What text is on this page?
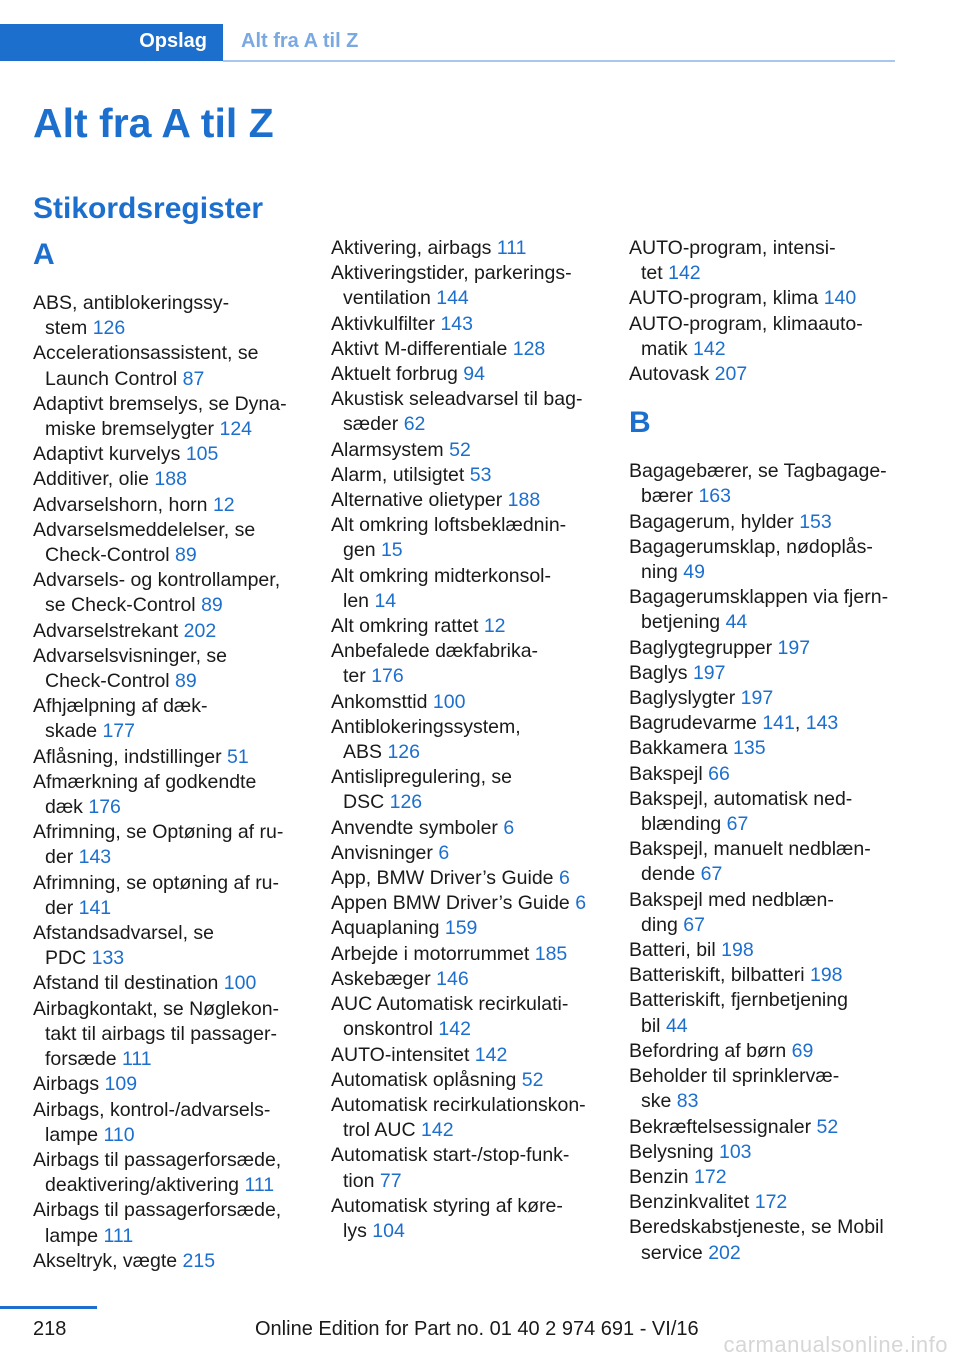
Opslag Alt fra A til Z
Alt fra A til Z
Stikordsregister
A
ABS, antiblokeringssy-
stem 126
Accelerationsassistent, se
Launch Control 87
Adaptivt bremselys, se Dyna-
miske bremselygter 124
Adaptivt kurvelys 105
Additiver, olie 188
Advarselshorn, horn 12
Advarselsmeddelelser, se
Check-Control 89
Advarsels- og kontrollamper,
se Check-Control 89
Advarselstrekant 202
Advarselsvisninger, se
Check-Control 89
Afhjælpning af dæk-
skade 177
Aflåsning, indstillinger 51
Afmærkning af godkendte
dæk 176
Afrimning, se Optøning af ru-
der 143
Afrimning, se optøning af ru-
der 141
Afstandsadvarsel, se
PDC 133
Afstand til destination 100
Airbagkontakt, se Nøglekon-
takt til airbags til passager-
forsæde 111
Airbags 109
Airbags, kontrol-/advarsels-
lampe 110
Airbags til passagerforsæde,
deaktivering/aktivering 111
Airbags til passagerforsæde,
lampe 111
Akseltryk, vægte 215
Aktivering, airbags 111
Aktiveringstider, parkerings-
ventilation 144
Aktivkulfilter 143
Aktivt M-differentiale 128
Aktuelt forbrug 94
Akustisk seleadvarsel til bag-
sæder 62
Alarmsystem 52
Alarm, utilsigtet 53
Alternative olietyper 188
Alt omkring loftsbeklædnin-
gen 15
Alt omkring midterkonsol-
len 14
Alt omkring rattet 12
Anbefalede dækfabrika-
ter 176
Ankomsttid 100
Antiblokeringssystem,
ABS 126
Antislipregulering, se
DSC 126
Anvendte symboler 6
Anvisninger 6
App, BMW Driver’s Guide 6
Appen BMW Driver’s Guide 6
Aquaplaning 159
Arbejde i motorrummet 185
Askebæger 146
AUC Automatisk recirkulati-
onskontrol 142
AUTO-intensitet 142
Automatisk oplåsning 52
Automatisk recirkulationskon-
trol AUC 142
Automatisk start-/stop-funk-
tion 77
Automatisk styring af køre-
lys 104
AUTO-program, intensi-
tet 142
AUTO-program, klima 140
AUTO-program, klimaauto-
matik 142
Autovask 207
B
Bagagebærer, se Tagbagage-
bærer 163
Bagagerum, hylder 153
Bagagerumsklap, nødoplås-
ning 49
Bagagerumsklappen via fjern-
betjening 44
Baglygtegrupper 197
Baglys 197
Baglyslygter 197
Bagrudevarme 141, 143
Bakkamera 135
Bakspejl 66
Bakspejl, automatisk ned-
blænding 67
Bakspejl, manuelt nedblæn-
dende 67
Bakspejl med nedblæn-
ding 67
Batteri, bil 198
Batteriskift, bilbatteri 198
Batteriskift, fjernbetjening
bil 44
Befordring af børn 69
Beholder til sprinklervæ-
ske 83
Bekræftelsessignaler 52
Belysning 103
Benzin 172
Benzinkvalitet 172
Beredskabstjeneste, se Mobil
service 202
218	Online Edition for Part no. 01 40 2 974 691 - VI/16
carmanualsonline.info
